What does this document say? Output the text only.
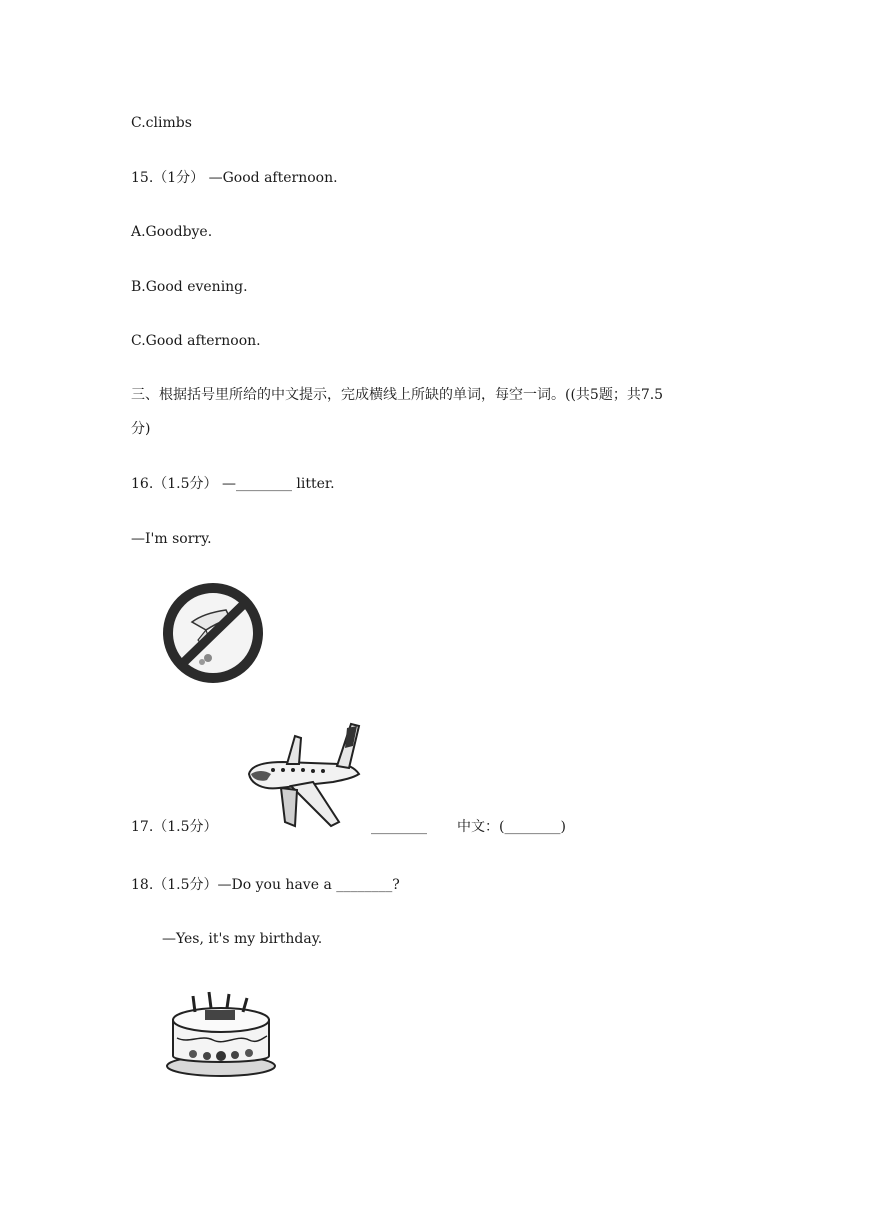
C.climbs
15.（1分） —Good afternoon.
A.Goodbye.
B.Good evening.
C.Good afternoon.
三、根据括号里所给的中文提示，完成横线上所缺的单词，每空一词。((共5题；共7.5
分)
16.（1.5分） —________ litter.
—I'm sorry.
17.（1.5分）	________ 中文：(________)
18.（1.5分）—Do you have a ________?
—Yes, it's my birthday.
